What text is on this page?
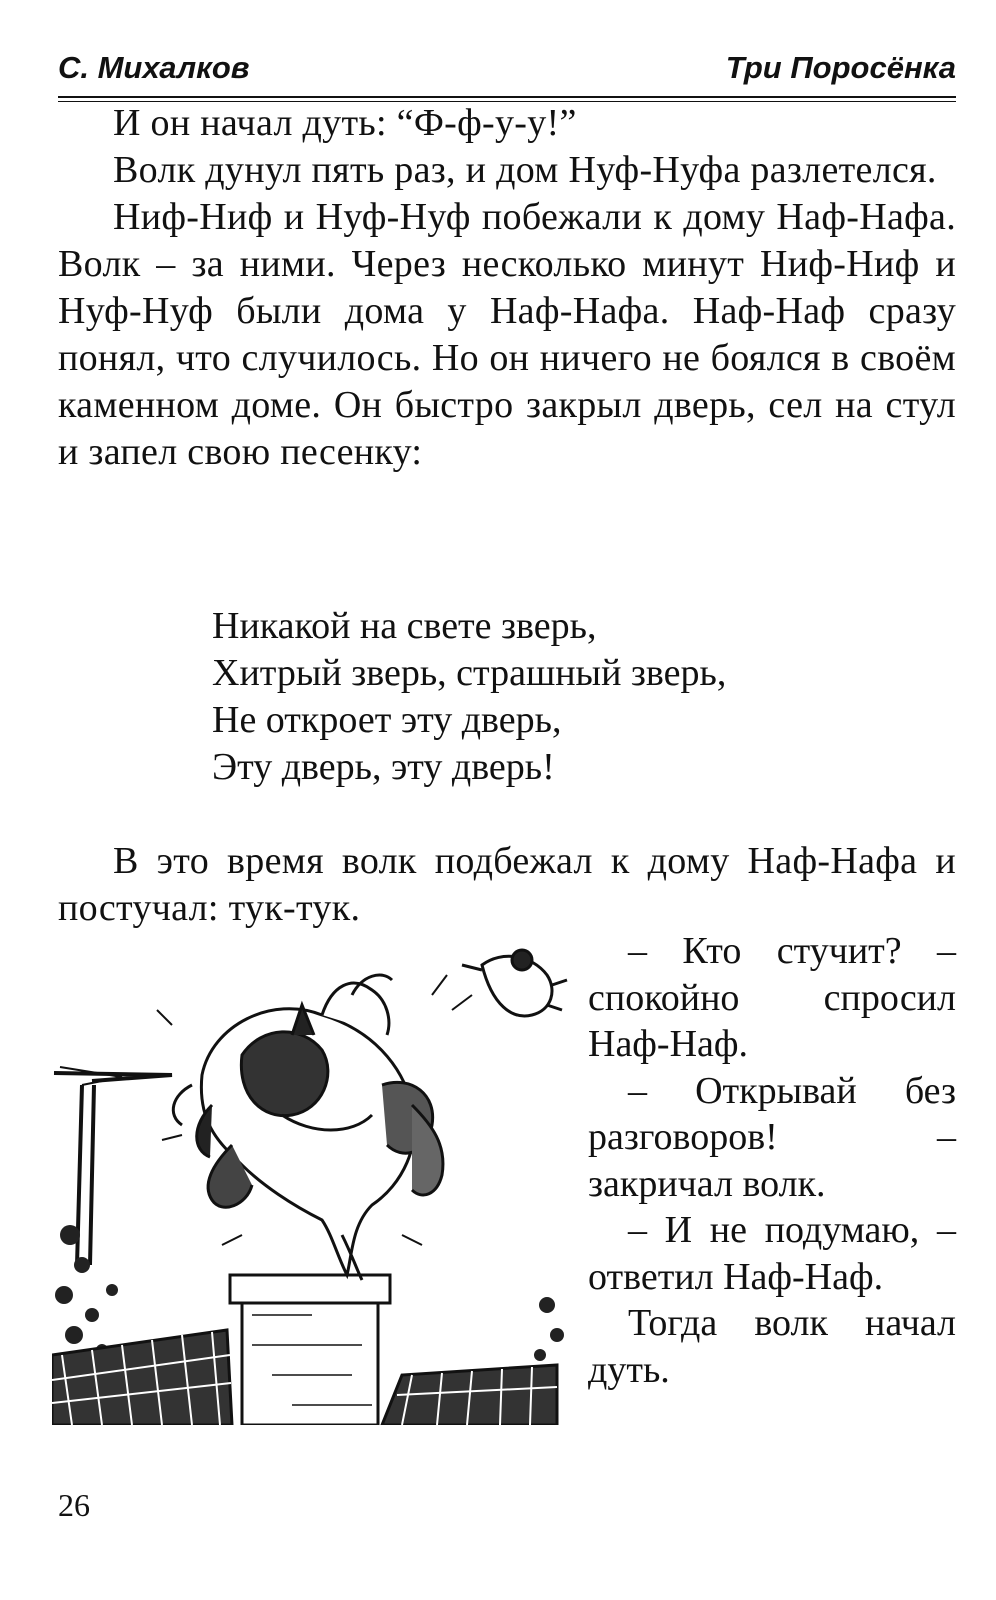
С. Михалков	Три Поросёнка

И он начал дуть: “Ф-ф-у-у!”

Волк дунул пять раз, и дом Нуф-Нуфа разлетелся.

Ниф-Ниф и Нуф-Нуф побежали к дому Наф-Нафа. Волк – за ними. Через несколько минут Ниф-Ниф и Нуф-Нуф были дома у Наф-Нафа. Наф-Наф сразу понял, что случилось. Но он ничего не боялся в своём каменном доме. Он быстро закрыл дверь, сел на стул и запел свою песенку:

Никакой на свете зверь,
Хитрый зверь, страшный зверь,
Не откроет эту дверь,
Эту дверь, эту дверь!

В это время волк подбежал к дому Наф-Нафа и постучал: тук-тук.

– Кто стучит? – спокойно спросил Наф-Наф.

– Открывай без разговоров! – закричал волк.

– И не подумаю, – ответил Наф-Наф.

Тогда волк начал дуть.

26
